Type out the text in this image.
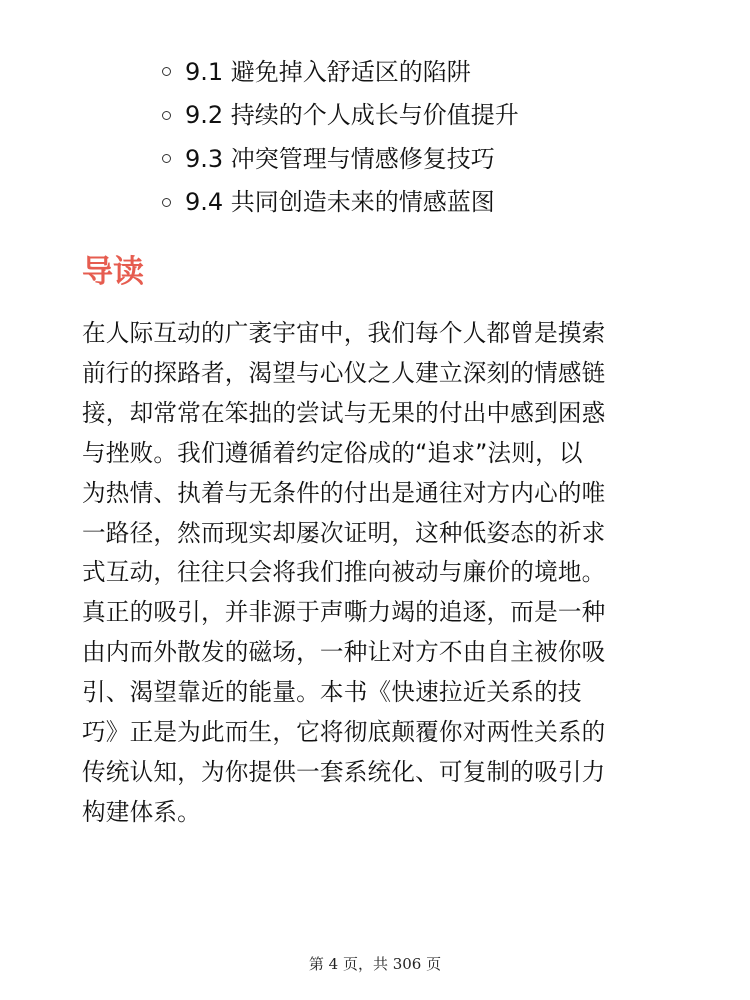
9.1 避免掉入舒适区的陷阱
9.2 持续的个人成长与价值提升
9.3 冲突管理与情感修复技巧
9.4 共同创造未来的情感蓝图
导读

在人际互动的广袤宇宙中，我们每个人都曾是摸索
前行的探路者，渴望与心仪之人建立深刻的情感链
接，却常常在笨拙的尝试与无果的付出中感到困惑
与挫败。我们遵循着约定俗成的“追求”法则，以
为热情、执着与无条件的付出是通往对方内心的唯
一路径，然而现实却屡次证明，这种低姿态的祈求
式互动，往往只会将我们推向被动与廉价的境地。
真正的吸引，并非源于声嘶力竭的追逐，而是一种
由内而外散发的磁场，一种让对方不由自主被你吸
引、渴望靠近的能量。本书《快速拉近关系的技
巧》正是为此而生，它将彻底颠覆你对两性关系的
传统认知，为你提供一套系统化、可复制的吸引力
构建体系。

第 4 页，共 306 页
